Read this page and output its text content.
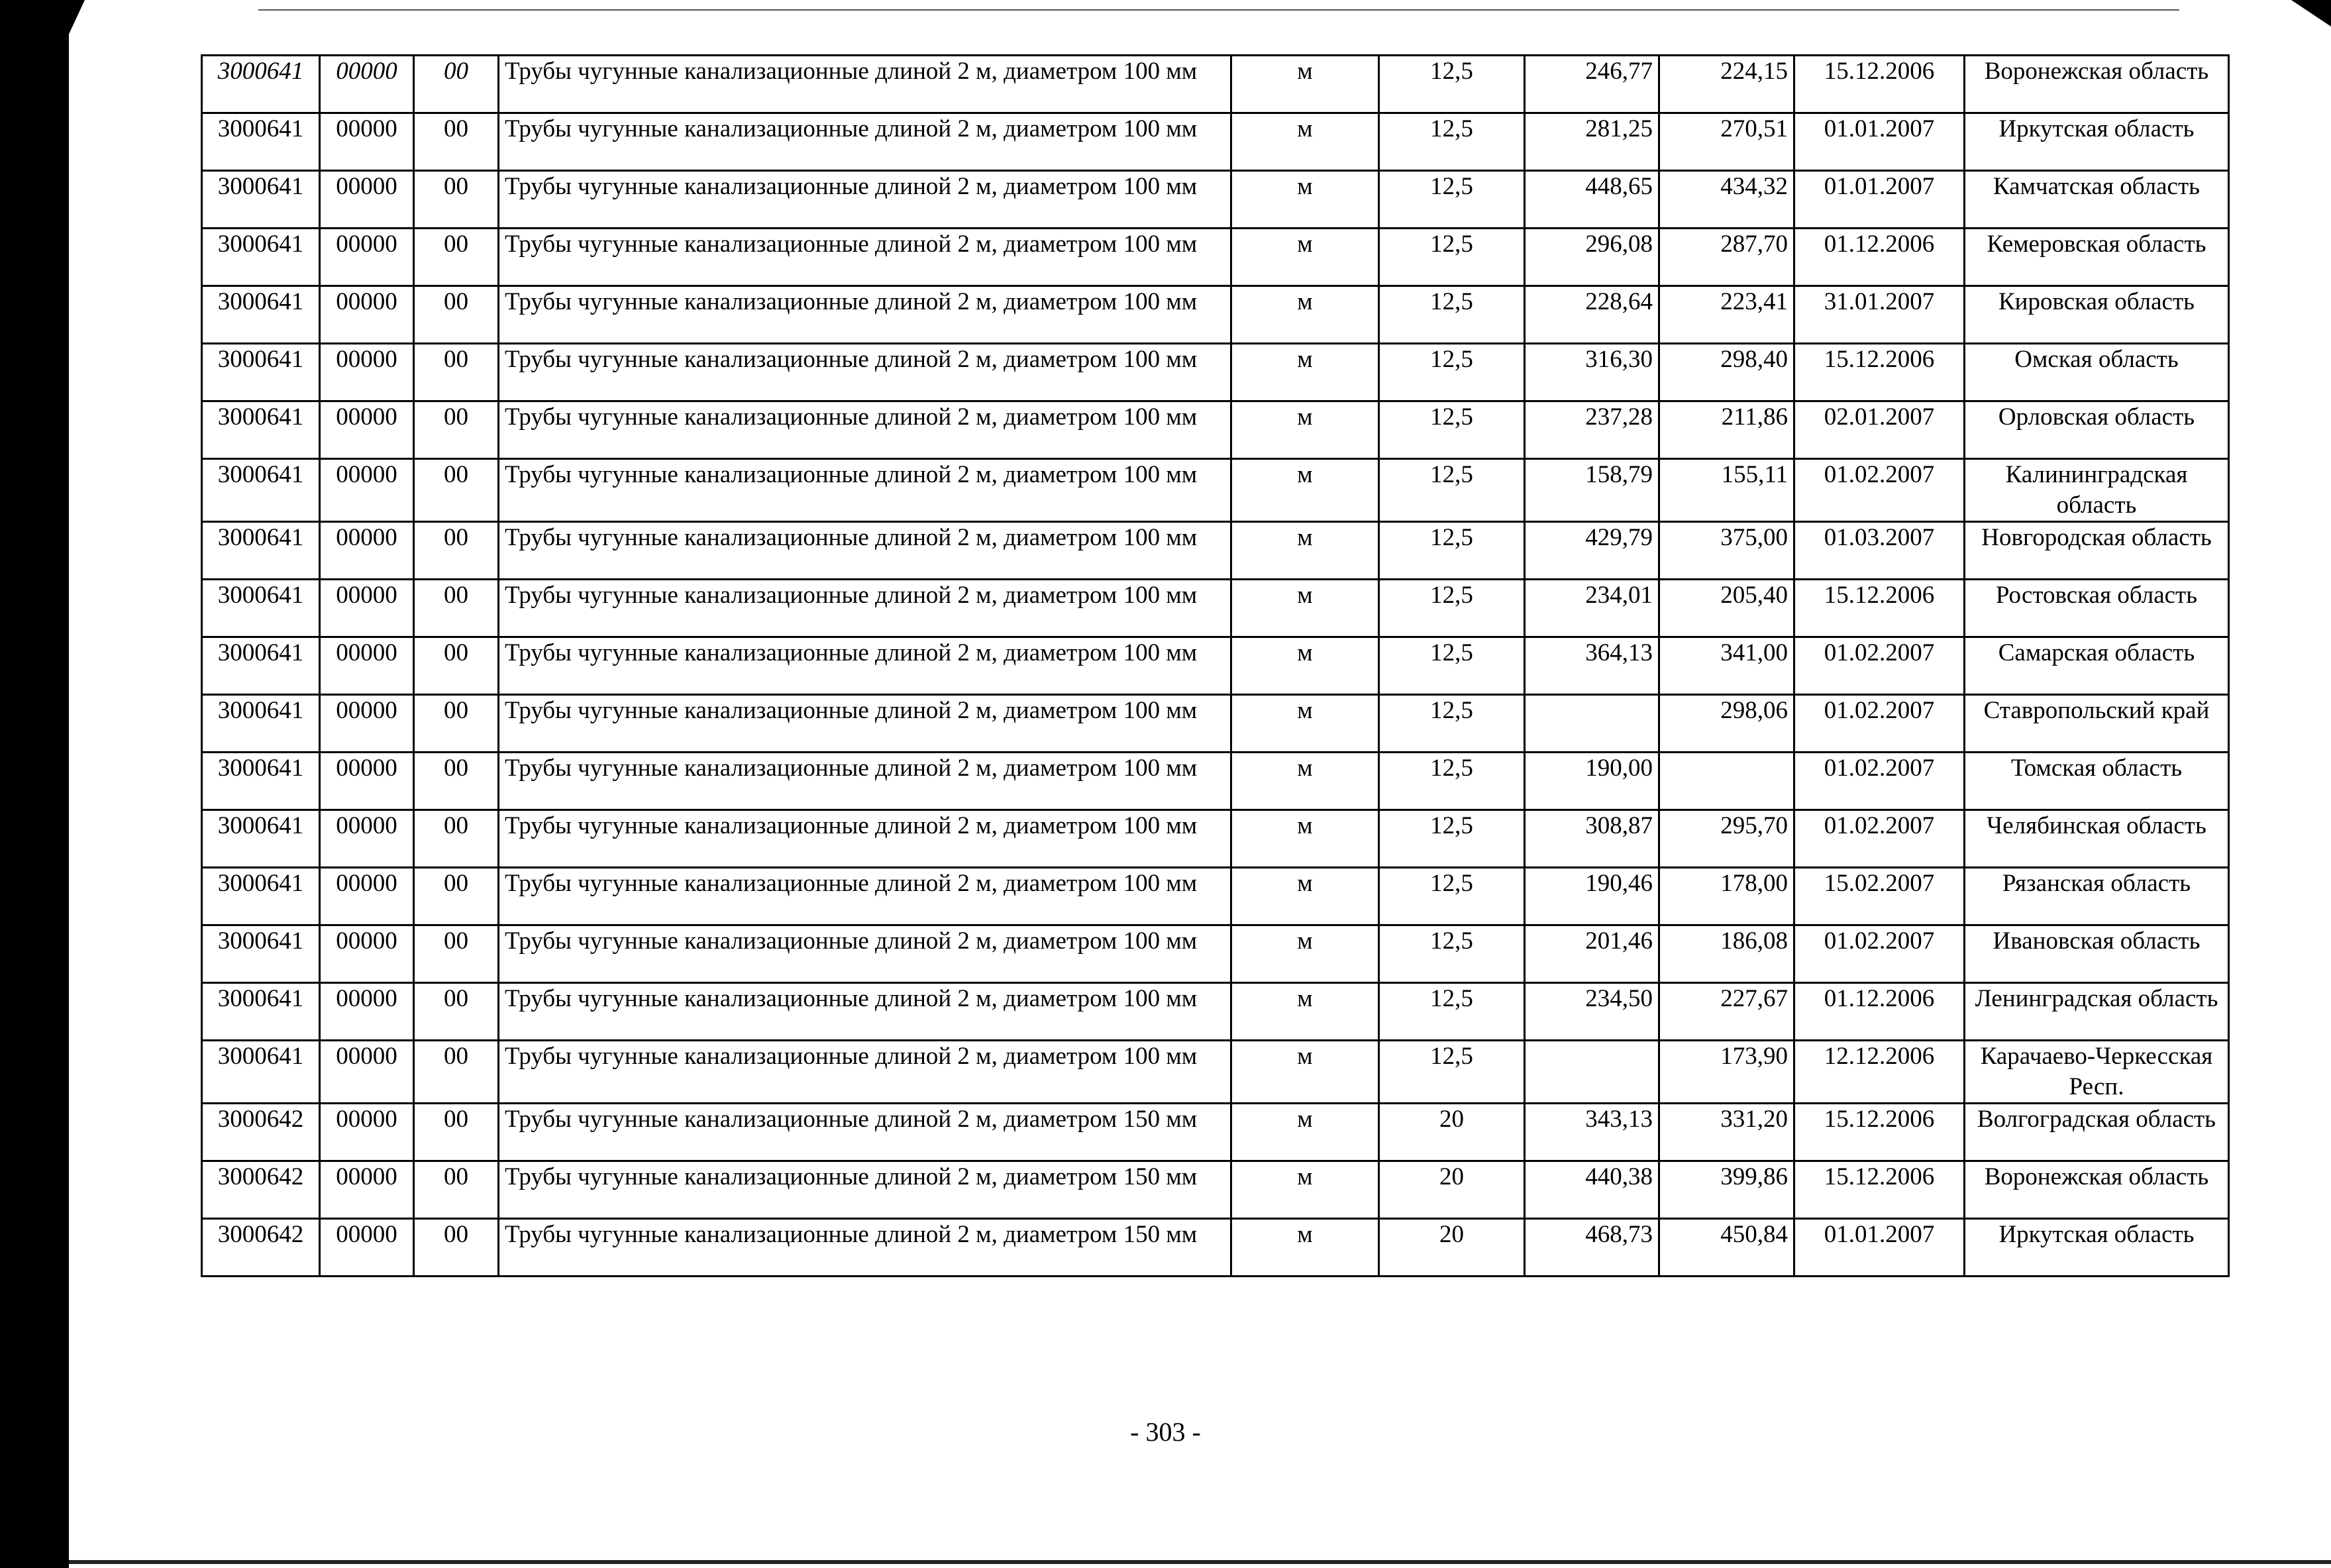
3000641	00000	00	Трубы чугунные канализационные длиной 2 м, диаметром 100 мм	м	12,5	246,77	224,15	15.12.2006	Воронежская область
3000641	00000	00	Трубы чугунные канализационные длиной 2 м, диаметром 100 мм	м	12,5	281,25	270,51	01.01.2007	Иркутская область
3000641	00000	00	Трубы чугунные канализационные длиной 2 м, диаметром 100 мм	м	12,5	448,65	434,32	01.01.2007	Камчатская область
3000641	00000	00	Трубы чугунные канализационные длиной 2 м, диаметром 100 мм	м	12,5	296,08	287,70	01.12.2006	Кемеровская область
3000641	00000	00	Трубы чугунные канализационные длиной 2 м, диаметром 100 мм	м	12,5	228,64	223,41	31.01.2007	Кировская область
3000641	00000	00	Трубы чугунные канализационные длиной 2 м, диаметром 100 мм	м	12,5	316,30	298,40	15.12.2006	Омская область
3000641	00000	00	Трубы чугунные канализационные длиной 2 м, диаметром 100 мм	м	12,5	237,28	211,86	02.01.2007	Орловская область
3000641	00000	00	Трубы чугунные канализационные длиной 2 м, диаметром 100 мм	м	12,5	158,79	155,11	01.02.2007	Калининградская область
3000641	00000	00	Трубы чугунные канализационные длиной 2 м, диаметром 100 мм	м	12,5	429,79	375,00	01.03.2007	Новгородская область
3000641	00000	00	Трубы чугунные канализационные длиной 2 м, диаметром 100 мм	м	12,5	234,01	205,40	15.12.2006	Ростовская область
3000641	00000	00	Трубы чугунные канализационные длиной 2 м, диаметром 100 мм	м	12,5	364,13	341,00	01.02.2007	Самарская область
3000641	00000	00	Трубы чугунные канализационные длиной 2 м, диаметром 100 мм	м	12,5		298,06	01.02.2007	Ставропольский край
3000641	00000	00	Трубы чугунные канализационные длиной 2 м, диаметром 100 мм	м	12,5	190,00		01.02.2007	Томская область
3000641	00000	00	Трубы чугунные канализационные длиной 2 м, диаметром 100 мм	м	12,5	308,87	295,70	01.02.2007	Челябинская область
3000641	00000	00	Трубы чугунные канализационные длиной 2 м, диаметром 100 мм	м	12,5	190,46	178,00	15.02.2007	Рязанская область
3000641	00000	00	Трубы чугунные канализационные длиной 2 м, диаметром 100 мм	м	12,5	201,46	186,08	01.02.2007	Ивановская область
3000641	00000	00	Трубы чугунные канализационные длиной 2 м, диаметром 100 мм	м	12,5	234,50	227,67	01.12.2006	Ленинградская область
3000641	00000	00	Трубы чугунные канализационные длиной 2 м, диаметром 100 мм	м	12,5		173,90	12.12.2006	Карачаево-Черкесская Респ.
3000642	00000	00	Трубы чугунные канализационные длиной 2 м, диаметром 150 мм	м	20	343,13	331,20	15.12.2006	Волгоградская область
3000642	00000	00	Трубы чугунные канализационные длиной 2 м, диаметром 150 мм	м	20	440,38	399,86	15.12.2006	Воронежская область
3000642	00000	00	Трубы чугунные канализационные длиной 2 м, диаметром 150 мм	м	20	468,73	450,84	01.01.2007	Иркутская область
- 303 -
